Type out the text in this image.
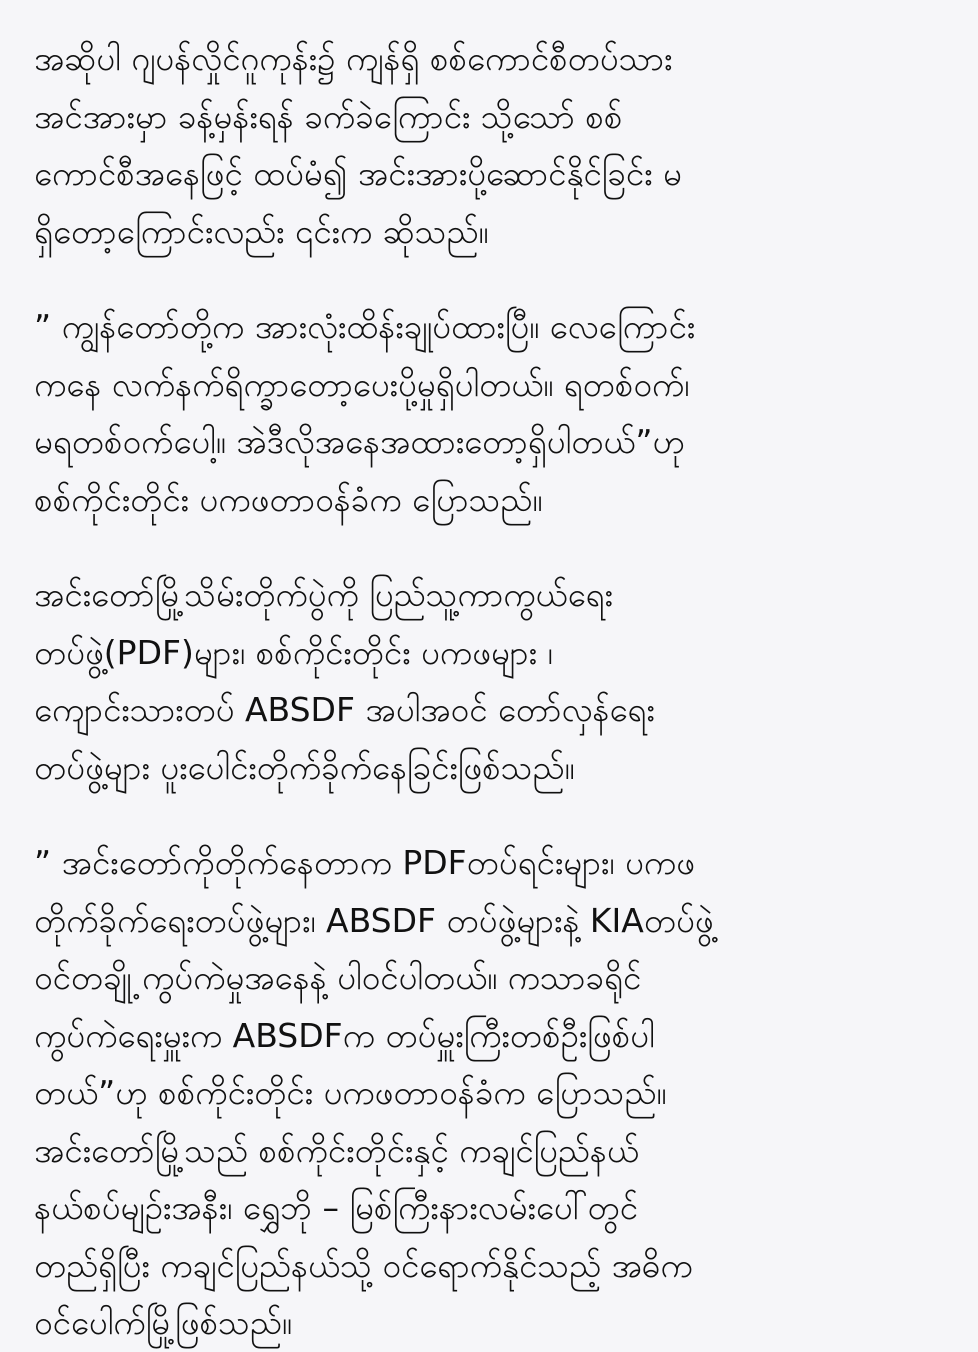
အဆိုပါ ဂျပန်လှိုင်ဂူကုန်း၌ ကျန်ရှိ စစ်ကောင်စီတပ်သား
အင်အားမှာ ခန့်မှန်းရန် ခက်ခဲကြောင်း သို့သော် စစ်
ကောင်စီအနေဖြင့် ထပ်မံ၍ အင်းအားပို့ဆောင်နိုင်ခြင်း မ
ရှိတော့ကြောင်းလည်း ၎င်းက ဆိုသည်။
” ကျွန်တော်တို့က အားလုံးထိန်းချုပ်ထားပြီ။ လေကြောင်း
ကနေ လက်နက်ရိက္ခာတော့ပေးပို့မှုရှိပါတယ်။ ရတစ်ဝက်၊
မရတစ်ဝက်ပေါ့။ အဲဒီလိုအနေအထားတော့ရှိပါတယ်”ဟု
စစ်ကိုင်းတိုင်း ပကဖတာဝန်ခံက ပြောသည်။
အင်းတော်မြို့သိမ်းတိုက်ပွဲကို ပြည်သူ့ကာကွယ်ရေး
တပ်ဖွဲ့(PDF)များ၊ စစ်ကိုင်းတိုင်း ပကဖများ ၊
ကျောင်းသားတပ် ABSDF အပါအဝင် တော်လှန်ရေး
တပ်ဖွဲ့များ ပူးပေါင်းတိုက်ခိုက်နေခြင်းဖြစ်သည်။
” အင်းတော်ကိုတိုက်နေတာက PDFတပ်ရင်းများ၊ ပကဖ
တိုက်ခိုက်ရေးတပ်ဖွဲ့များ၊ ABSDF တပ်ဖွဲ့များနဲ့ KIAတပ်ဖွဲ့
ဝင်တချို့ ကွပ်ကဲမှုအနေနဲ့ ပါဝင်ပါတယ်။ ကသာခရိုင်
ကွပ်ကဲရေးမှူးက ABSDFက တပ်မှူးကြီးတစ်ဦးဖြစ်ပါ
တယ်”ဟု စစ်ကိုင်းတိုင်း ပကဖတာဝန်ခံက ပြောသည်။
အင်းတော်မြို့သည် စစ်ကိုင်းတိုင်းနှင့် ကချင်ပြည်နယ်
နယ်စပ်မျဉ်းအနီး၊ ရွှေဘို – မြစ်ကြီးနားလမ်းပေါ်တွင်
တည်ရှိပြီး ကချင်ပြည်နယ်သို့ ဝင်ရောက်နိုင်သည့် အဓိက
ဝင်ပေါက်မြို့ဖြစ်သည်။
